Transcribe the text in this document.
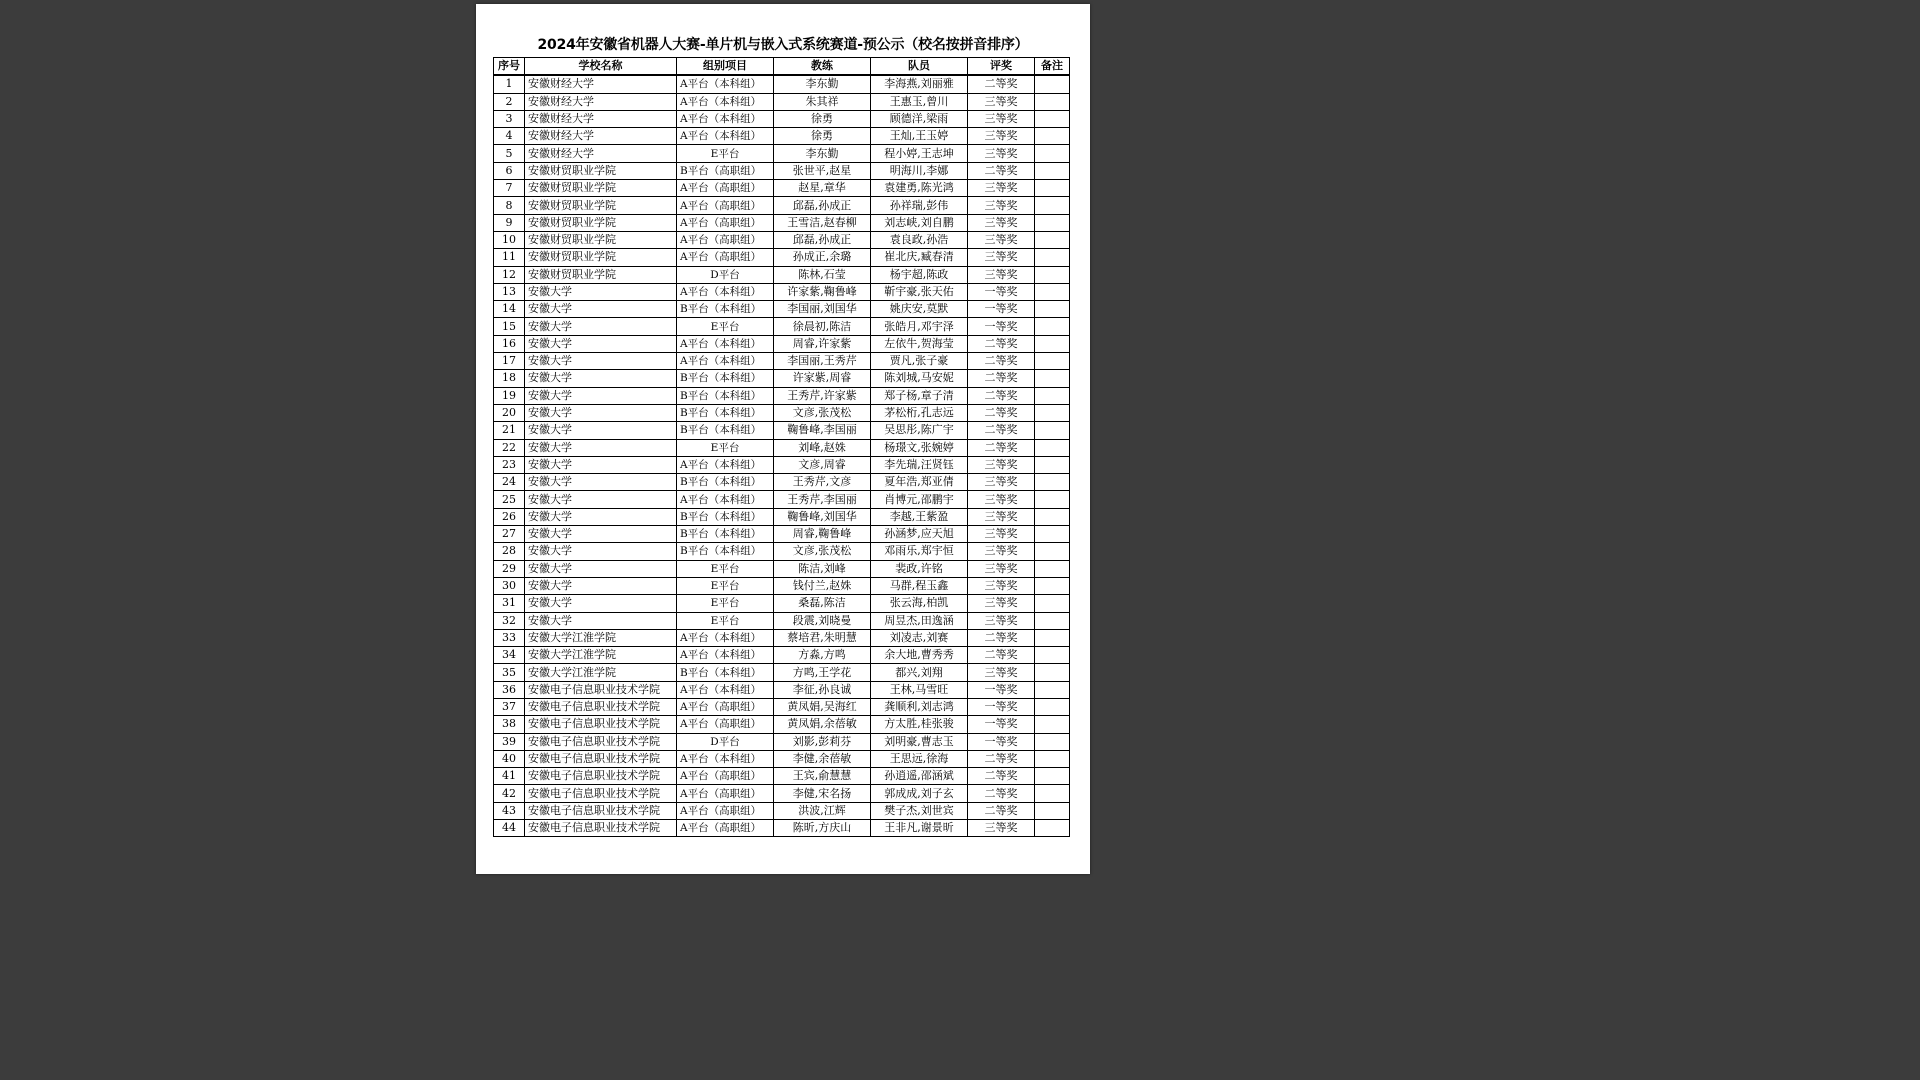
2024年安徽省机器人大赛-单片机与嵌入式系统赛道-预公示（校名按拼音排序）
序号	学校名称	组别项目	教练	队员	评奖	备注
1	安徽财经大学	A平台（本科组）	李东勤	李海燕,刘丽雅	二等奖	
2	安徽财经大学	A平台（本科组）	朱其祥	王惠玉,曾川	三等奖	
3	安徽财经大学	A平台（本科组）	徐勇	顾德洋,梁雨	三等奖	
4	安徽财经大学	A平台（本科组）	徐勇	王灿,王玉婷	三等奖	
5	安徽财经大学	E平台	李东勤	程小婷,王志坤	三等奖	
6	安徽财贸职业学院	B平台（高职组）	张世平,赵星	明海川,李娜	二等奖	
7	安徽财贸职业学院	A平台（高职组）	赵星,章华	袁建勇,陈光鸿	三等奖	
8	安徽财贸职业学院	A平台（高职组）	邱磊,孙成正	孙祥瑞,彭伟	三等奖	
9	安徽财贸职业学院	A平台（高职组）	王雪洁,赵春柳	刘志峡,刘自鹏	三等奖	
10	安徽财贸职业学院	A平台（高职组）	邱磊,孙成正	袁良政,孙浩	三等奖	
11	安徽财贸职业学院	A平台（高职组）	孙成正,余璐	崔北庆,臧春清	三等奖	
12	安徽财贸职业学院	D平台	陈林,石莹	杨宇超,陈政	三等奖	
13	安徽大学	A平台（本科组）	许家紫,鞠鲁峰	靳宇豪,张天佑	一等奖	
14	安徽大学	B平台（本科组）	李国丽,刘国华	姚庆安,莫默	一等奖	
15	安徽大学	E平台	徐晨初,陈洁	张皓月,邓宇泽	一等奖	
16	安徽大学	A平台（本科组）	周睿,许家紫	左依牛,贺海莹	二等奖	
17	安徽大学	A平台（本科组）	李国丽,王秀芹	贾凡,张子豪	二等奖	
18	安徽大学	B平台（本科组）	许家紫,周睿	陈刘城,马安妮	二等奖	
19	安徽大学	B平台（本科组）	王秀芹,许家紫	郑子杨,章子清	二等奖	
20	安徽大学	B平台（本科组）	文彦,张茂松	茅松桁,孔志远	二等奖	
21	安徽大学	B平台（本科组）	鞠鲁峰,李国丽	吴思彤,陈广宇	二等奖	
22	安徽大学	E平台	刘峰,赵姝	杨璟文,张婉婷	二等奖	
23	安徽大学	A平台（本科组）	文彦,周睿	李先瑞,汪贤钰	三等奖	
24	安徽大学	B平台（本科组）	王秀芹,文彦	夏年浩,郑亚倩	三等奖	
25	安徽大学	A平台（本科组）	王秀芹,李国丽	肖博元,邵鹏宇	三等奖	
26	安徽大学	B平台（本科组）	鞠鲁峰,刘国华	李越,王紫盈	三等奖	
27	安徽大学	B平台（本科组）	周睿,鞠鲁峰	孙涵梦,应天旭	三等奖	
28	安徽大学	B平台（本科组）	文彦,张茂松	邓雨乐,郑宇恒	三等奖	
29	安徽大学	E平台	陈洁,刘峰	裴政,许铭	三等奖	
30	安徽大学	E平台	钱付兰,赵姝	马群,程玉鑫	三等奖	
31	安徽大学	E平台	桑磊,陈洁	张云海,柏凯	三等奖	
32	安徽大学	E平台	段震,刘晓曼	周昱杰,田逸涵	三等奖	
33	安徽大学江淮学院	A平台（本科组）	蔡培君,朱明慧	刘凌志,刘赛	二等奖	
34	安徽大学江淮学院	A平台（本科组）	方淼,方鸣	余大地,曹秀秀	二等奖	
35	安徽大学江淮学院	B平台（本科组）	方鸣,王学花	都兴,刘翔	三等奖	
36	安徽电子信息职业技术学院	A平台（本科组）	李征,孙良诚	王林,马雪旺	一等奖	
37	安徽电子信息职业技术学院	A平台（高职组）	黄凤娟,吴海红	龚顺利,刘志鸿	一等奖	
38	安徽电子信息职业技术学院	A平台（高职组）	黄凤娟,余蓓敏	方太胜,桂张骏	一等奖	
39	安徽电子信息职业技术学院	D平台	刘影,彭莉芬	刘明豪,曹志玉	一等奖	
40	安徽电子信息职业技术学院	A平台（本科组）	李健,余蓓敏	王思远,徐海	二等奖	
41	安徽电子信息职业技术学院	A平台（高职组）	王宾,俞慧慧	孙逍遥,邵涵斌	二等奖	
42	安徽电子信息职业技术学院	A平台（高职组）	李健,宋名扬	郭成成,刘子玄	二等奖	
43	安徽电子信息职业技术学院	A平台（高职组）	洪波,江辉	樊子杰,刘世宾	二等奖	
44	安徽电子信息职业技术学院	A平台（高职组）	陈昕,方庆山	王非凡,谢景昕	三等奖	
